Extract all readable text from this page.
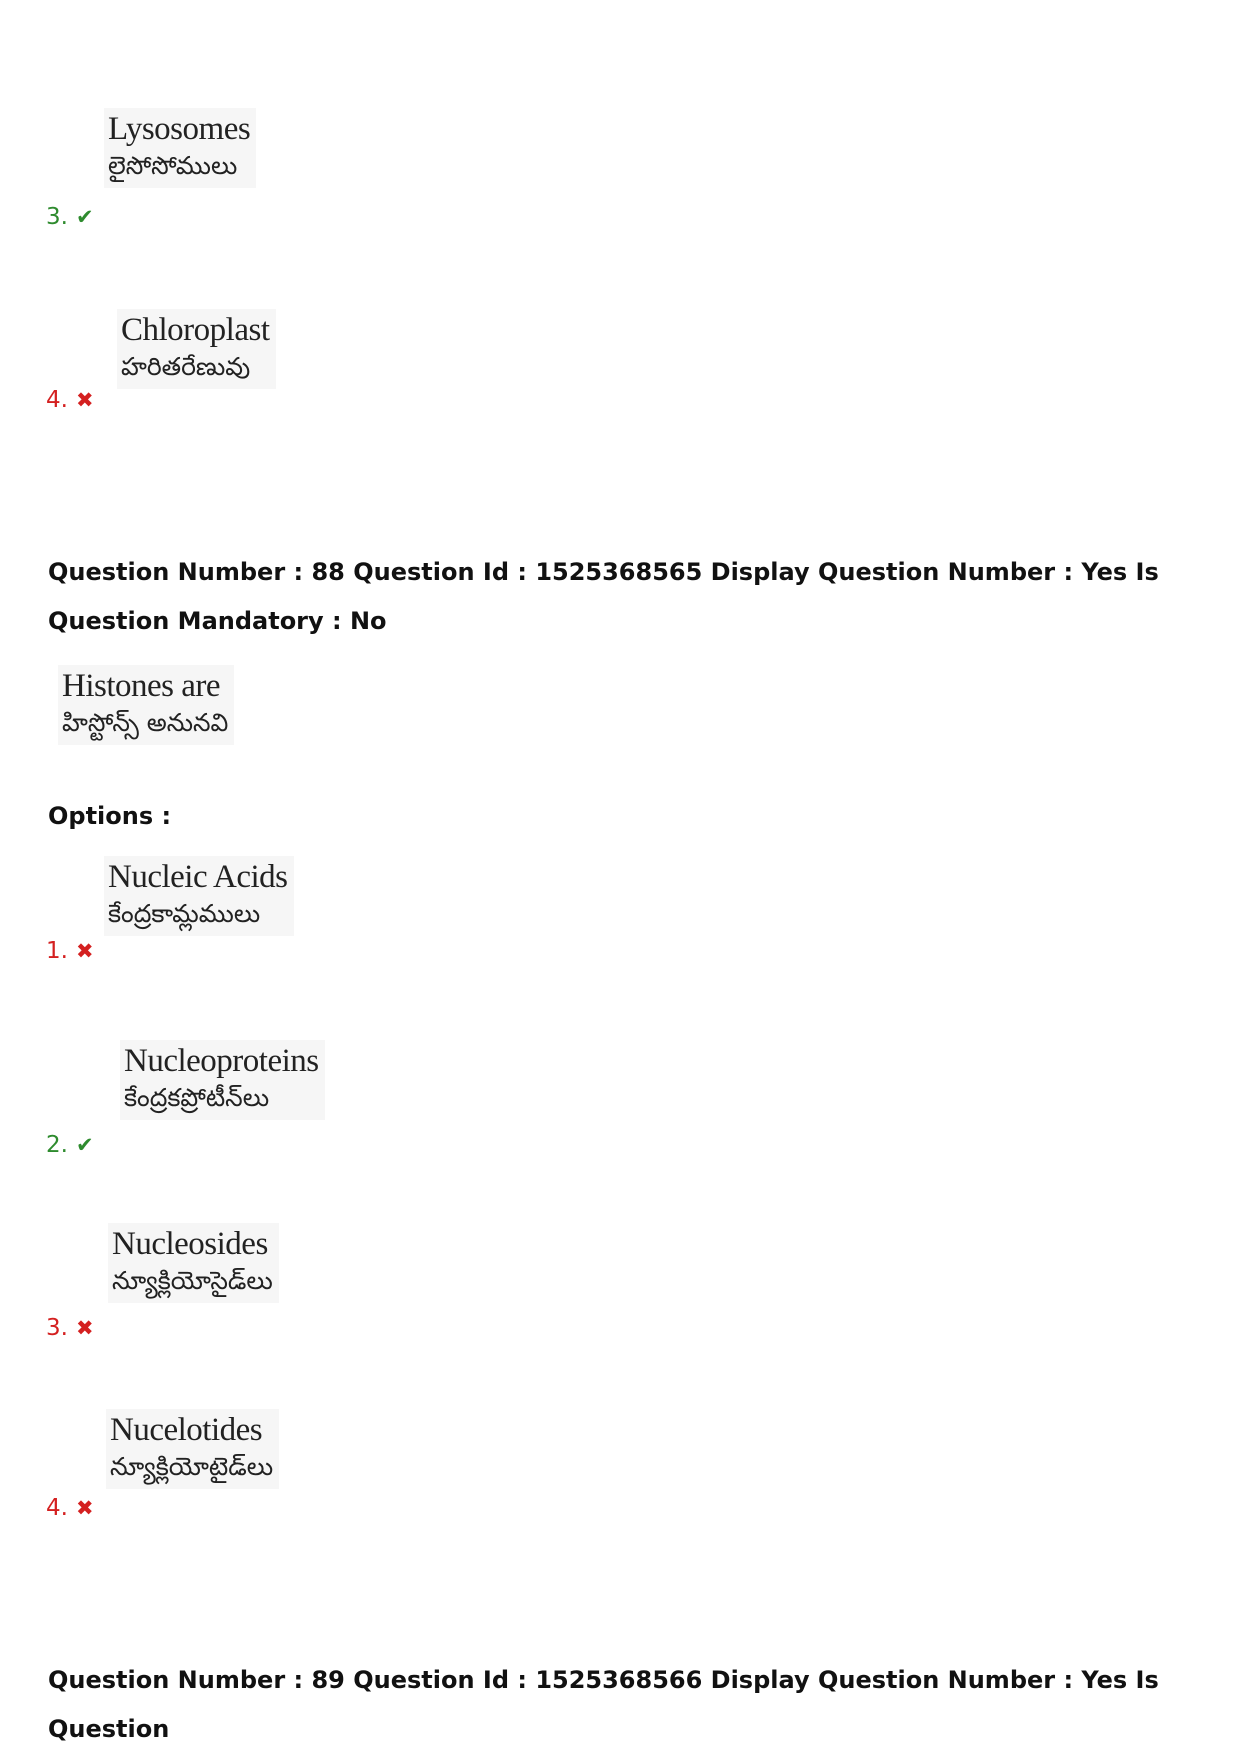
Lysosomes
లైసోసోములు
3. ✔
Chloroplast
హరితరేణువు
4. ✖
Question Number : 88 Question Id : 1525368565 Display Question Number : Yes Is Question Mandatory : No
Histones are
హిస్టోన్స్ అనునవి
Options :
Nucleic Acids
కేంద్రకామ్లములు
1. ✖
Nucleoproteins
కేంద్రకప్రోటీన్‌లు
2. ✔
Nucleosides
న్యూక్లియోసైడ్‌లు
3. ✖
Nucelotides
న్యూక్లియోటైడ్‌లు
4. ✖
Question Number : 89 Question Id : 1525368566 Display Question Number : Yes Is Question
